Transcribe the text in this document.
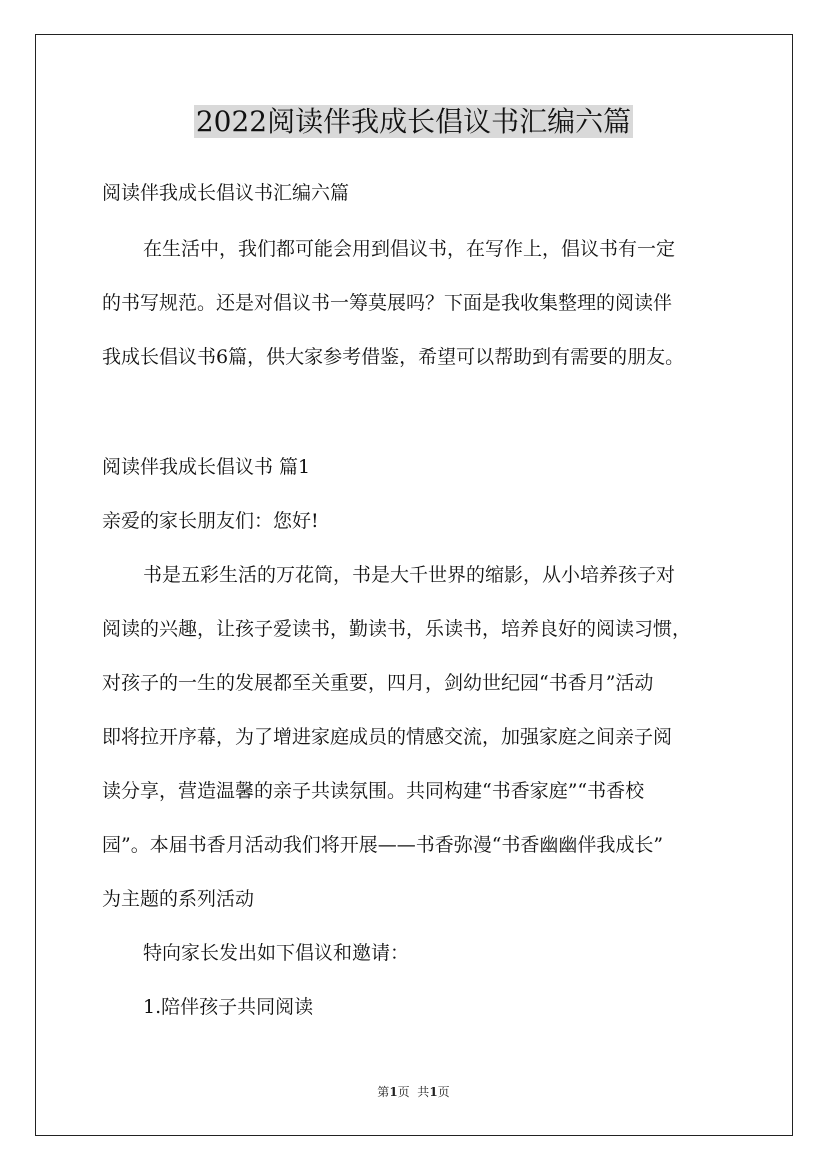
2022阅读伴我成长倡议书汇编六篇
阅读伴我成长倡议书汇编六篇
在生活中，我们都可能会用到倡议书，在写作上，倡议书有一定
的书写规范。还是对倡议书一筹莫展吗？下面是我收集整理的阅读伴
我成长倡议书6篇，供大家参考借鉴，希望可以帮助到有需要的朋友。
阅读伴我成长倡议书 篇1
亲爱的家长朋友们：您好!
书是五彩生活的万花筒，书是大千世界的缩影，从小培养孩子对
阅读的兴趣，让孩子爱读书，勤读书，乐读书，培养良好的阅读习惯，
对孩子的一生的发展都至关重要，四月，剑幼世纪园“书香月”活动
即将拉开序幕，为了增进家庭成员的情感交流，加强家庭之间亲子阅
读分享，营造温馨的亲子共读氛围。共同构建“书香家庭”“书香校
园”。本届书香月活动我们将开展——书香弥漫“书香幽幽伴我成长”
为主题的系列活动
特向家长发出如下倡议和邀请：
1.陪伴孩子共同阅读
第1页  共1页
